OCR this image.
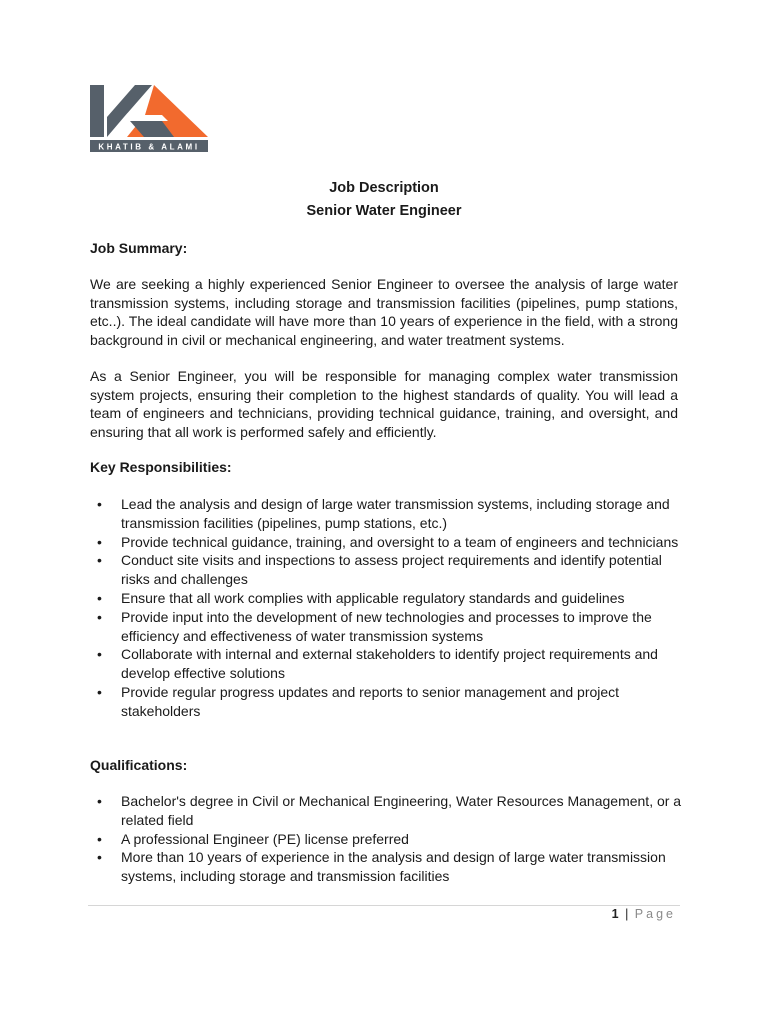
KHATIB & ALAMI
Job Description
Senior Water Engineer
Job Summary:

We are seeking a highly experienced Senior Engineer to oversee the analysis of large water transmission systems, including storage and transmission facilities (pipelines, pump stations, etc..). The ideal candidate will have more than 10 years of experience in the field, with a strong background in civil or mechanical engineering, and water treatment systems.

As a Senior Engineer, you will be responsible for managing complex water transmission system projects, ensuring their completion to the highest standards of quality. You will lead a team of engineers and technicians, providing technical guidance, training, and oversight, and ensuring that all work is performed safely and efficiently.

Key Responsibilities:
• Lead the analysis and design of large water transmission systems, including storage and transmission facilities (pipelines, pump stations, etc.)
• Provide technical guidance, training, and oversight to a team of engineers and technicians
• Conduct site visits and inspections to assess project requirements and identify potential risks and challenges
• Ensure that all work complies with applicable regulatory standards and guidelines
• Provide input into the development of new technologies and processes to improve the efficiency and effectiveness of water transmission systems
• Collaborate with internal and external stakeholders to identify project requirements and develop effective solutions
• Provide regular progress updates and reports to senior management and project stakeholders
Qualifications:
• Bachelor's degree in Civil or Mechanical Engineering, Water Resources Management, or a related field
• A professional Engineer (PE) license preferred
• More than 10 years of experience in the analysis and design of large water transmission systems, including storage and transmission facilities
1 | Page
